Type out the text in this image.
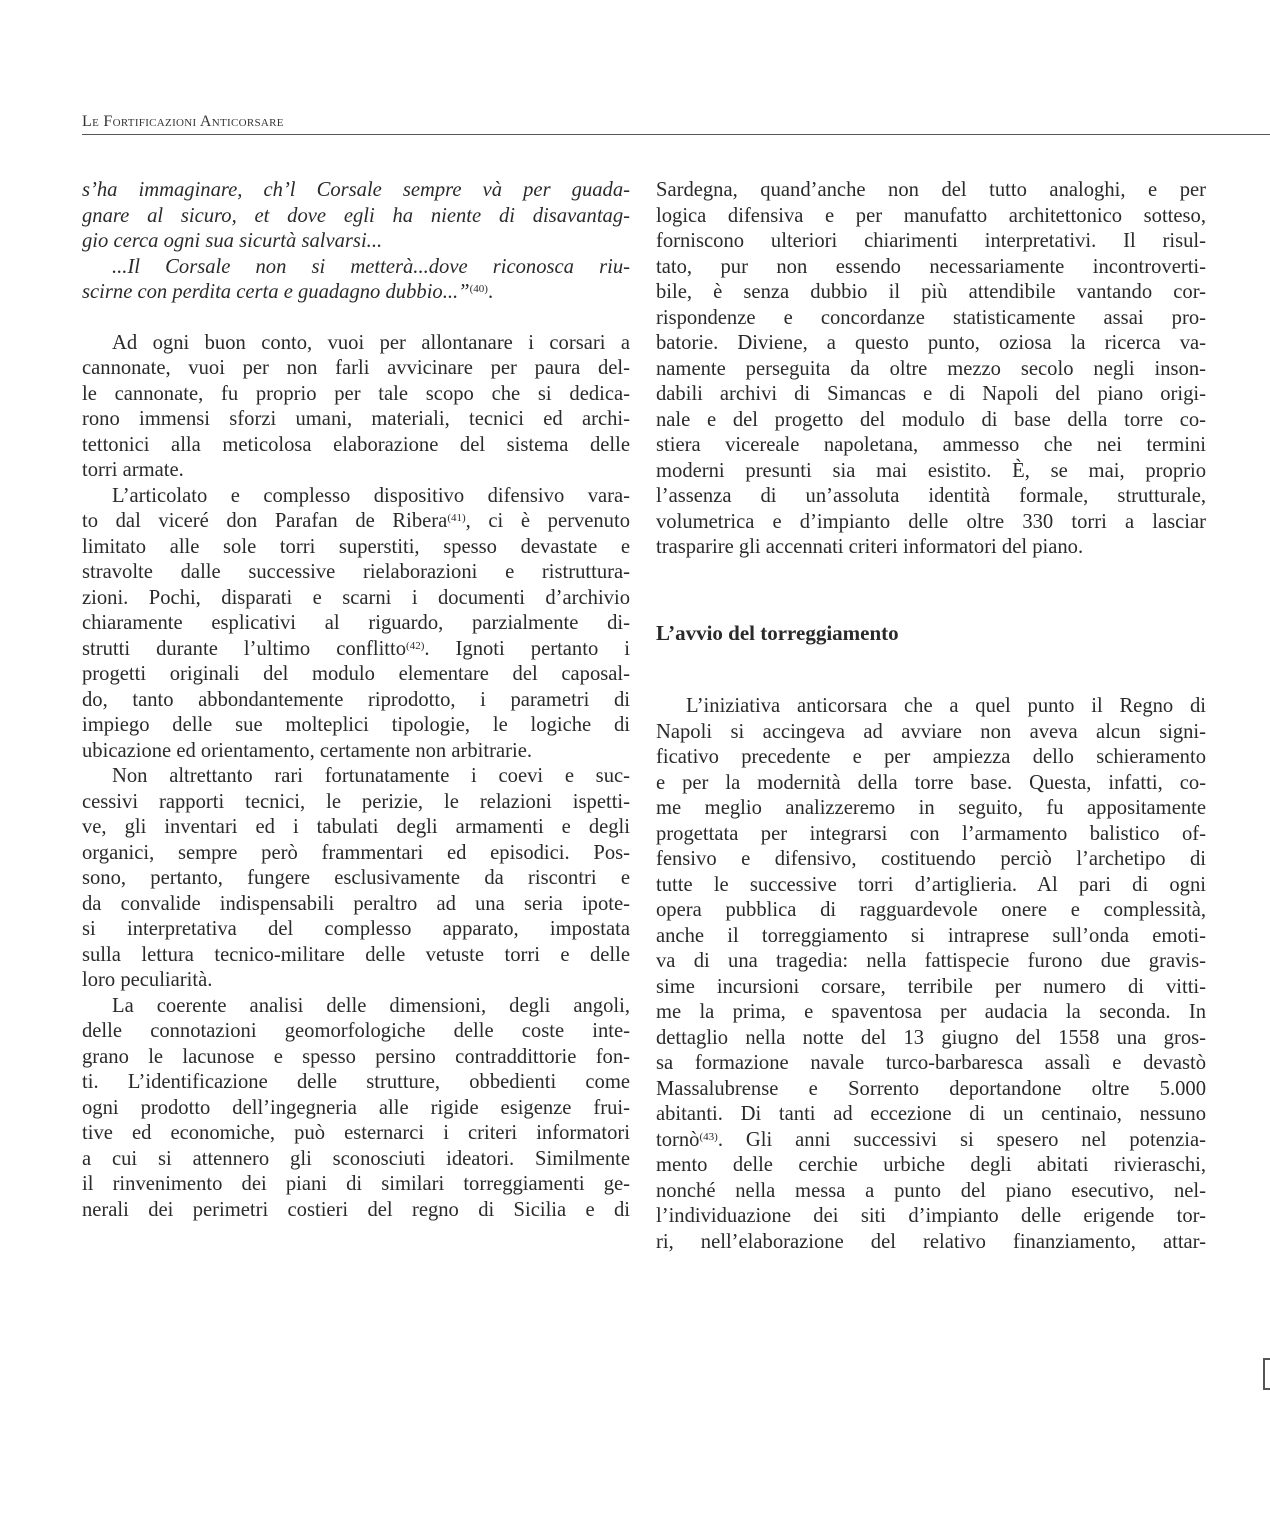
Le Fortificazioni Anticorsare
s’ha immaginare, ch’l Corsale sempre và per guada-
gnare al sicuro, et dove egli ha niente di disavantag-
gio cerca ogni sua sicurtà salvarsi...
...Il Corsale non si metterà...dove riconosca riu-
scirne con perdita certa e guadagno dubbio...”$^{(40)}$.
Ad ogni buon conto, vuoi per allontanare i corsari a
cannonate, vuoi per non farli avvicinare per paura del-
le cannonate, fu proprio per tale scopo che si dedica-
rono immensi sforzi umani, materiali, tecnici ed archi-
tettonici alla meticolosa elaborazione del sistema delle
torri armate.
L’articolato e complesso dispositivo difensivo vara-
to dal viceré don Parafan de Ribera$^{(41)}$, ci è pervenuto
limitato alle sole torri superstiti, spesso devastate e
stravolte dalle successive rielaborazioni e ristruttura-
zioni. Pochi, disparati e scarni i documenti d’archivio
chiaramente esplicativi al riguardo, parzialmente di-
strutti durante l’ultimo conflitto$^{(42)}$. Ignoti pertanto i
progetti originali del modulo elementare del caposal-
do, tanto abbondantemente riprodotto, i parametri di
impiego delle sue molteplici tipologie, le logiche di
ubicazione ed orientamento, certamente non arbitrarie.
Non altrettanto rari fortunatamente i coevi e suc-
cessivi rapporti tecnici, le perizie, le relazioni ispetti-
ve, gli inventari ed i tabulati degli armamenti e degli
organici, sempre però frammentari ed episodici. Pos-
sono, pertanto, fungere esclusivamente da riscontri e
da convalide indispensabili peraltro ad una seria ipote-
si interpretativa del complesso apparato, impostata
sulla lettura tecnico-militare delle vetuste torri e delle
loro peculiarità.
La coerente analisi delle dimensioni, degli angoli,
delle connotazioni geomorfologiche delle coste inte-
grano le lacunose e spesso persino contraddittorie fon-
ti. L’identificazione delle strutture, obbedienti come
ogni prodotto dell’ingegneria alle rigide esigenze frui-
tive ed economiche, può esternarci i criteri informatori
a cui si attennero gli sconosciuti ideatori. Similmente
il rinvenimento dei piani di similari torreggiamenti ge-
nerali dei perimetri costieri del regno di Sicilia e di
Sardegna, quand’anche non del tutto analoghi, e per
logica difensiva e per manufatto architettonico sotteso,
forniscono ulteriori chiarimenti interpretativi. Il risul-
tato, pur non essendo necessariamente incontroverti-
bile, è senza dubbio il più attendibile vantando cor-
rispondenze e concordanze statisticamente assai pro-
batorie. Diviene, a questo punto, oziosa la ricerca va-
namente perseguita da oltre mezzo secolo negli inson-
dabili archivi di Simancas e di Napoli del piano origi-
nale e del progetto del modulo di base della torre co-
stiera vicereale napoletana, ammesso che nei termini
moderni presunti sia mai esistito. È, se mai, proprio
l’assenza di un’assoluta identità formale, strutturale,
volumetrica e d’impianto delle oltre 330 torri a lasciar
trasparire gli accennati criteri informatori del piano.
L’avvio del torreggiamento
L’iniziativa anticorsara che a quel punto il Regno di
Napoli si accingeva ad avviare non aveva alcun signi-
ficativo precedente e per ampiezza dello schieramento
e per la modernità della torre base. Questa, infatti, co-
me meglio analizzeremo in seguito, fu appositamente
progettata per integrarsi con l’armamento balistico of-
fensivo e difensivo, costituendo perciò l’archetipo di
tutte le successive torri d’artiglieria. Al pari di ogni
opera pubblica di ragguardevole onere e complessità,
anche il torreggiamento si intraprese sull’onda emoti-
va di una tragedia: nella fattispecie furono due gravis-
sime incursioni corsare, terribile per numero di vitti-
me la prima, e spaventosa per audacia la seconda. In
dettaglio nella notte del 13 giugno del 1558 una gros-
sa formazione navale turco-barbaresca assalì e devastò
Massalubrense e Sorrento deportandone oltre 5.000
abitanti. Di tanti ad eccezione di un centinaio, nessuno
tornò$^{(43)}$. Gli anni successivi si spesero nel potenzia-
mento delle cerchie urbiche degli abitati rivieraschi,
nonché nella messa a punto del piano esecutivo, nel-
l’individuazione dei siti d’impianto delle erigende tor-
ri, nell’elaborazione del relativo finanziamento, attar-
